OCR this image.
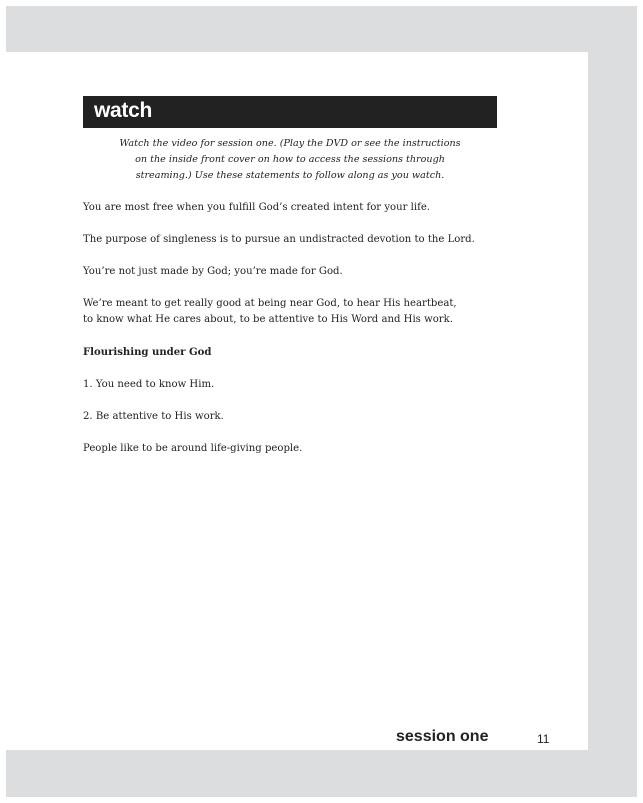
watch
Watch the video for session one. (Play the DVD or see the instructions
on the inside front cover on how to access the sessions through
streaming.) Use these statements to follow along as you watch.
You are most free when you fulfill God’s created intent for your life.
The purpose of singleness is to pursue an undistracted devotion to the Lord.
You’re not just made by God; you’re made for God.
We’re meant to get really good at being near God, to hear His heartbeat,
to know what He cares about, to be attentive to His Word and His work.
Flourishing under God
1. You need to know Him.
2. Be attentive to His work.
People like to be around life-giving people.
session one	11
